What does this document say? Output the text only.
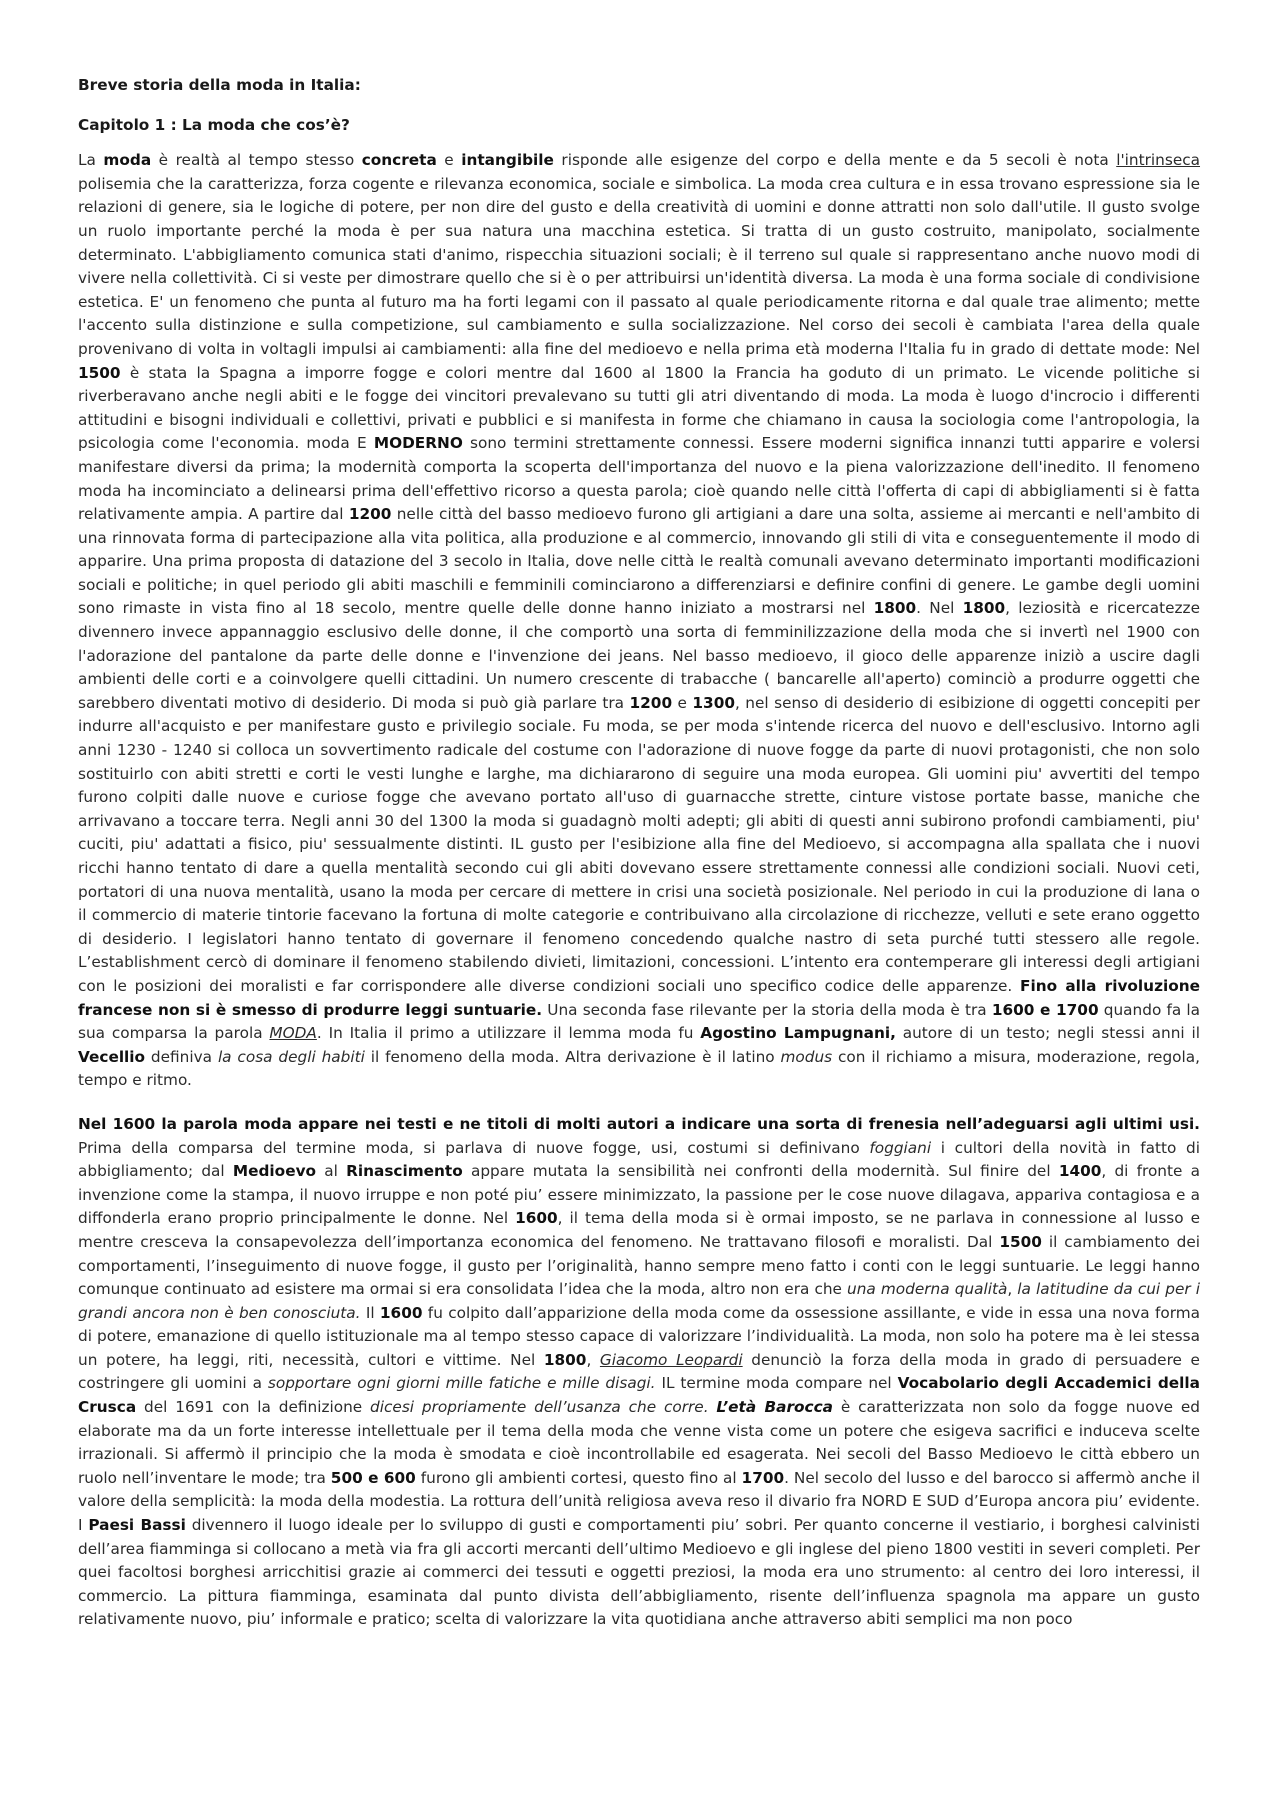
Breve storia della moda in Italia:

Capitolo 1 : La moda che cos’è?

La moda è realtà al tempo stesso concreta e intangibile risponde alle esigenze del corpo e della mente e da 5 secoli è nota l'intrinseca polisemia che la caratterizza, forza cogente e rilevanza economica, sociale e simbolica. La moda crea cultura e in essa trovano espressione sia le relazioni di genere, sia le logiche di potere, per non dire del gusto e della creatività di uomini e donne attratti non solo dall'utile. Il gusto svolge un ruolo importante perché la moda è per sua natura una macchina estetica. Si tratta di un gusto costruito, manipolato, socialmente determinato. L'abbigliamento comunica stati d'animo, rispecchia situazioni sociali; è il terreno sul quale si rappresentano anche nuovo modi di vivere nella collettività. Ci si veste per dimostrare quello che si è o per attribuirsi un'identità diversa. La moda è una forma sociale di condivisione estetica. E' un fenomeno che punta al futuro ma ha forti legami con il passato al quale periodicamente ritorna e dal quale trae alimento; mette l'accento sulla distinzione e sulla competizione, sul cambiamento e sulla socializzazione. Nel corso dei secoli è cambiata l'area della quale provenivano di volta in voltagli impulsi ai cambiamenti: alla fine del medioevo e nella prima età moderna l'Italia fu in grado di dettate mode: Nel 1500 è stata la Spagna a imporre fogge e colori mentre dal 1600 al 1800 la Francia ha goduto di un primato. Le vicende politiche si riverberavano anche negli abiti e le fogge dei vincitori prevalevano su tutti gli atri diventando di moda. La moda è luogo d'incrocio i differenti attitudini e bisogni individuali e collettivi, privati e pubblici e si manifesta in forme che chiamano in causa la sociologia come l'antropologia, la psicologia come l'economia. moda E MODERNO sono termini strettamente connessi. Essere moderni significa innanzi tutti apparire e volersi manifestare diversi da prima; la modernità comporta la scoperta dell'importanza del nuovo e la piena valorizzazione dell'inedito. Il fenomeno moda ha incominciato a delinearsi prima dell'effettivo ricorso a questa parola; cioè quando nelle città l'offerta di capi di abbigliamenti si è fatta relativamente ampia. A partire dal 1200 nelle città del basso medioevo furono gli artigiani a dare una solta, assieme ai mercanti e nell'ambito di una rinnovata forma di partecipazione alla vita politica, alla produzione e al commercio, innovando gli stili di vita e conseguentemente il modo di apparire. Una prima proposta di datazione del 3 secolo in Italia, dove nelle città le realtà comunali avevano determinato importanti modificazioni sociali e politiche; in quel periodo gli abiti maschili e femminili cominciarono a differenziarsi e definire confini di genere. Le gambe degli uomini sono rimaste in vista fino al 18 secolo, mentre quelle delle donne hanno iniziato a mostrarsi nel 1800. Nel 1800, leziosità e ricercatezze divennero invece appannaggio esclusivo delle donne, il che comportò una sorta di femminilizzazione della moda che si invertì nel 1900 con l'adorazione del pantalone da parte delle donne e l'invenzione dei jeans. Nel basso medioevo, il gioco delle apparenze iniziò a uscire dagli ambienti delle corti e a coinvolgere quelli cittadini. Un numero crescente di trabacche ( bancarelle all'aperto) cominciò a produrre oggetti che sarebbero diventati motivo di desiderio. Di moda si può già parlare tra 1200 e 1300, nel senso di desiderio di esibizione di oggetti concepiti per indurre all'acquisto e per manifestare gusto e privilegio sociale. Fu moda, se per moda s'intende ricerca del nuovo e dell'esclusivo. Intorno agli anni 1230 - 1240 si colloca un sovvertimento radicale del costume con l'adorazione di nuove fogge da parte di nuovi protagonisti, che non solo sostituirlo con abiti stretti e corti le vesti lunghe e larghe, ma dichiararono di seguire una moda europea. Gli uomini piu' avvertiti del tempo furono colpiti dalle nuove e curiose fogge che avevano portato all'uso di guarnacche strette, cinture vistose portate basse, maniche che arrivavano a toccare terra. Negli anni 30 del 1300 la moda si guadagnò molti adepti; gli abiti di questi anni subirono profondi cambiamenti, piu' cuciti, piu' adattati a fisico, piu' sessualmente distinti. IL gusto per l'esibizione alla fine del Medioevo, si accompagna alla spallata che i nuovi ricchi hanno tentato di dare a quella mentalità secondo cui gli abiti dovevano essere strettamente connessi alle condizioni sociali. Nuovi ceti, portatori di una nuova mentalità, usano la moda per cercare di mettere in crisi una società posizionale. Nel periodo in cui la produzione di lana o il commercio di materie tintorie facevano la fortuna di molte categorie e contribuivano alla circolazione di ricchezze, velluti e sete erano oggetto di desiderio. I legislatori hanno tentato di governare il fenomeno concedendo qualche nastro di seta purché tutti stessero alle regole. L’establishment cercò di dominare il fenomeno stabilendo divieti, limitazioni, concessioni. L’intento era contemperare gli interessi degli artigiani con le posizioni dei moralisti e far corrispondere alle diverse condizioni sociali uno specifico codice delle apparenze. Fino alla rivoluzione francese non si è smesso di produrre leggi suntuarie. Una seconda fase rilevante per la storia della moda è tra 1600 e 1700 quando fa la sua comparsa la parola MODA. In Italia il primo a utilizzare il lemma moda fu Agostino Lampugnani, autore di un testo; negli stessi anni il Vecellio definiva la cosa degli habiti il fenomeno della moda. Altra derivazione è il latino modus con il richiamo a misura, moderazione, regola, tempo e ritmo.

Nel 1600 la parola moda appare nei testi e ne titoli di molti autori a indicare una sorta di frenesia nell’adeguarsi agli ultimi usi. Prima della comparsa del termine moda, si parlava di nuove fogge, usi, costumi si definivano foggiani i cultori della novità in fatto di abbigliamento; dal Medioevo al Rinascimento appare mutata la sensibilità nei confronti della modernità. Sul finire del 1400, di fronte a invenzione come la stampa, il nuovo irruppe e non poté piu’ essere minimizzato, la passione per le cose nuove dilagava, appariva contagiosa e a diffonderla erano proprio principalmente le donne. Nel 1600, il tema della moda si è ormai imposto, se ne parlava in connessione al lusso e mentre cresceva la consapevolezza dell’importanza economica del fenomeno. Ne trattavano filosofi e moralisti. Dal 1500 il cambiamento dei comportamenti, l’inseguimento di nuove fogge, il gusto per l’originalità, hanno sempre meno fatto i conti con le leggi suntuarie. Le leggi hanno comunque continuato ad esistere ma ormai si era consolidata l’idea che la moda, altro non era che una moderna qualità, la latitudine da cui per i grandi ancora non è ben conosciuta. Il 1600 fu colpito dall’apparizione della moda come da ossessione assillante, e vide in essa una nova forma di potere, emanazione di quello istituzionale ma al tempo stesso capace di valorizzare l’individualità. La moda, non solo ha potere ma è lei stessa un potere, ha leggi, riti, necessità, cultori e vittime. Nel 1800, Giacomo Leopardi denunciò la forza della moda in grado di persuadere e costringere gli uomini a sopportare ogni giorni mille fatiche e mille disagi. IL termine moda compare nel Vocabolario degli Accademici della Crusca del 1691 con la definizione dicesi propriamente dell’usanza che corre. L’età Barocca è caratterizzata non solo da fogge nuove ed elaborate ma da un forte interesse intellettuale per il tema della moda che venne vista come un potere che esigeva sacrifici e induceva scelte irrazionali. Si affermò il principio che la moda è smodata e cioè incontrollabile ed esagerata. Nei secoli del Basso Medioevo le città ebbero un ruolo nell’inventare le mode; tra 500 e 600 furono gli ambienti cortesi, questo fino al 1700. Nel secolo del lusso e del barocco si affermò anche il valore della semplicità: la moda della modestia. La rottura dell’unità religiosa aveva reso il divario fra NORD E SUD d’Europa ancora piu’ evidente. I Paesi Bassi divennero il luogo ideale per lo sviluppo di gusti e comportamenti piu’ sobri. Per quanto concerne il vestiario, i borghesi calvinisti dell’area fiamminga si collocano a metà via fra gli accorti mercanti dell’ultimo Medioevo e gli inglese del pieno 1800 vestiti in severi completi. Per quei facoltosi borghesi arricchitisi grazie ai commerci dei tessuti e oggetti preziosi, la moda era uno strumento: al centro dei loro interessi, il commercio. La pittura fiamminga, esaminata dal punto divista dell’abbigliamento, risente dell’influenza spagnola ma appare un gusto relativamente nuovo, piu’ informale e pratico; scelta di valorizzare la vita quotidiana anche attraverso abiti semplici ma non poco
